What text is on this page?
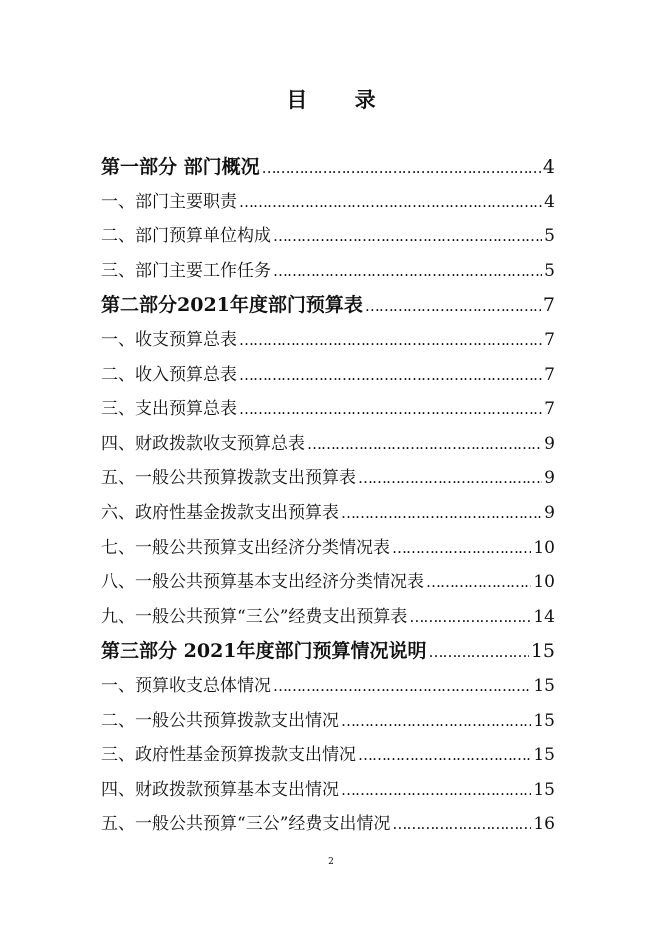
目 录
第一部分 部门概况 ………………………………………………………………………………………………………………………………	4
一、部门主要职责 ………………………………………………………………………………………………………………………………	4
二、部门预算单位构成 ………………………………………………………………………………………………………………………………	5
三、部门主要工作任务 ………………………………………………………………………………………………………………………………	5
第二部分2021年度部门预算表 ………………………………………………………………………………………………………………………………	7
一、收支预算总表 ………………………………………………………………………………………………………………………………	7
二、收入预算总表 ………………………………………………………………………………………………………………………………	7
三、支出预算总表 ………………………………………………………………………………………………………………………………	7
四、财政拨款收支预算总表 ………………………………………………………………………………………………………………………………	9
五、一般公共预算拨款支出预算表 ………………………………………………………………………………………………………………………………	9
六、政府性基金拨款支出预算表 ………………………………………………………………………………………………………………………………	9
七、一般公共预算支出经济分类情况表 ………………………………………………………………………………………………………………………………	10
八、一般公共预算基本支出经济分类情况表 ………………………………………………………………………………………………………………………………	10
九、一般公共预算“三公”经费支出预算表 ………………………………………………………………………………………………………………………………	14
第三部分 2021年度部门预算情况说明 ………………………………………………………………………………………………………………………………	15
一、预算收支总体情况 ………………………………………………………………………………………………………………………………	15
二、一般公共预算拨款支出情况 ………………………………………………………………………………………………………………………………	15
三、政府性基金预算拨款支出情况 ………………………………………………………………………………………………………………………………	15
四、财政拨款预算基本支出情况 ………………………………………………………………………………………………………………………………	15
五、一般公共预算“三公”经费支出情况 ………………………………………………………………………………………………………………………………	16
2
